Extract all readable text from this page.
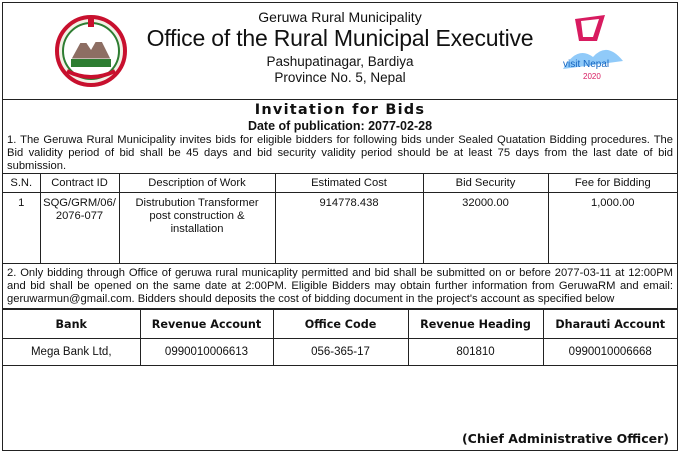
Geruwa Rural Municipality
Office of the Rural Municipal Executive
Pashupatinagar, Bardiya
Province No. 5, Nepal
visit Nepal
2020
Invitation for Bids
Date of publication: 2077-02-28
1. The Geruwa Rural Municipality invites bids for eligible bidders for following bids under Sealed Quatation Bidding procedures. The Bid validity period of bid shall be 45 days and bid security validity period should be at least 75 days from the last date of bid submission.
S.N.	Contract ID	Description of Work	Estimated Cost	Bid Security	Fee for Bidding
1	SQG/GRM/06/ 2076-077	Distrubution Transformer post construction & installation	914778.438	32000.00	1,000.00
2. Only bidding through Office of geruwa rural municaplity permitted and bid shall be submitted on or before 2077-03-11 at 12:00PM and bid shall be opened on the same date at 2:00PM. Eligible Bidders may obtain further information from GeruwaRM and email: geruwarmun@gmail.com. Bidders should deposits the cost of bidding document in the project's account as specified below
Bank	Revenue Account	Office Code	Revenue Heading	Dharauti Account
Mega Bank Ltd,	0990010006613	056-365-17	801810	0990010006668
(Chief Administrative Officer)
